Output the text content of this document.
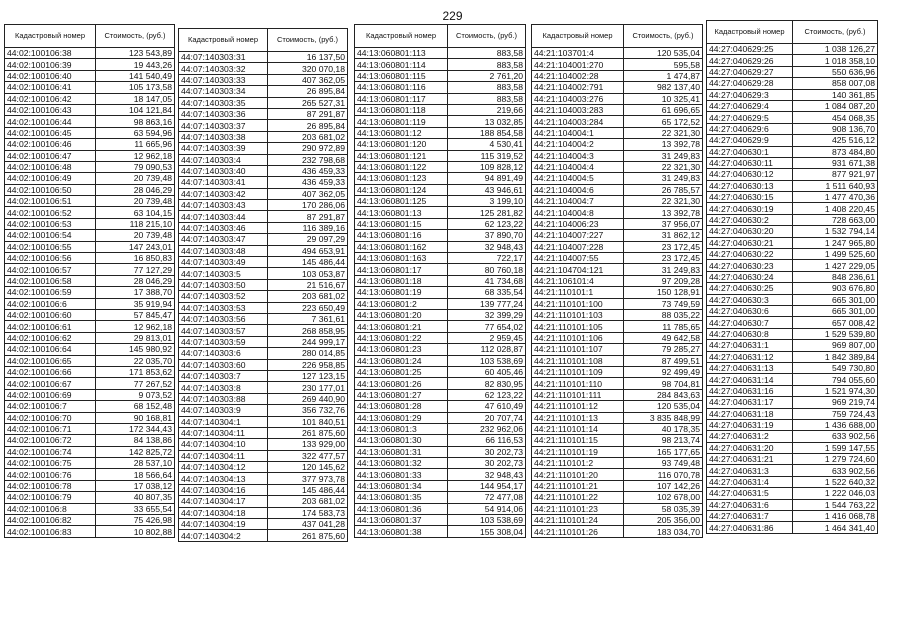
229
Кадастровый номер	Стоимость, (руб.)
44:02:100106:38	123 543,89
44:02:100106:39	19 443,26
44:02:100106:40	141 540,49
44:02:100106:41	105 173,58
44:02:100106:42	18 147,05
44:02:100106:43	104 121,84
44:02:100106:44	98 863,16
44:02:100106:45	63 594,96
44:02:100106:46	11 665,96
44:02:100106:47	12 962,18
44:02:100106:48	79 090,53
44:02:100106:49	20 739,48
44:02:100106:50	28 046,29
44:02:100106:51	20 739,48
44:02:100106:52	63 104,15
44:02:100106:53	118 215,10
44:02:100106:54	20 739,48
44:02:100106:55	147 243,01
44:02:100106:56	16 850,83
44:02:100106:57	77 127,29
44:02:100106:58	28 046,29
44:02:100106:59	17 388,70
44:02:100106:6	35 919,94
44:02:100106:60	57 845,47
44:02:100106:61	12 962,18
44:02:100106:62	29 813,01
44:02:100106:64	145 980,92
44:02:100106:65	22 035,70
44:02:100106:66	171 853,62
44:02:100106:67	77 267,52
44:02:100106:69	9 073,52
44:02:100106:7	68 152,48
44:02:100106:70	90 168,81
44:02:100106:71	172 344,43
44:02:100106:72	84 138,86
44:02:100106:74	142 825,72
44:02:100106:75	28 537,10
44:02:100106:76	18 566,64
44:02:100106:78	17 038,12
44:02:100106:79	40 807,35
44:02:100106:8	33 655,54
44:02:100106:82	75 426,98
44:02:100106:83	10 802,88
Кадастровый номер	Стоимость, (руб.)
44:07:140303:31	16 137,50
44:07:140303:32	320 070,18
44:07:140303:33	407 362,05
44:07:140303:34	26 895,84
44:07:140303:35	265 527,31
44:07:140303:36	87 291,87
44:07:140303:37	26 895,84
44:07:140303:38	203 681,02
44:07:140303:39	290 972,89
44:07:140303:4	232 798,68
44:07:140303:40	436 459,33
44:07:140303:41	436 459,33
44:07:140303:42	407 362,05
44:07:140303:43	170 286,06
44:07:140303:44	87 291,87
44:07:140303:46	116 389,16
44:07:140303:47	29 097,29
44:07:140303:48	494 653,91
44:07:140303:49	145 486,44
44:07:140303:5	103 053,87
44:07:140303:50	21 516,67
44:07:140303:52	203 681,02
44:07:140303:53	223 650,49
44:07:140303:56	7 361,61
44:07:140303:57	268 858,95
44:07:140303:59	244 999,17
44:07:140303:6	280 014,85
44:07:140303:60	226 958,85
44:07:140303:7	127 123,15
44:07:140303:8	230 177,01
44:07:140303:88	269 440,90
44:07:140303:9	356 732,76
44:07:140304:1	101 840,51
44:07:140304:11	261 875,60
44:07:140304:10	133 929,00
44:07:140304:11	322 477,57
44:07:140304:12	120 145,62
44:07:140304:13	377 973,78
44:07:140304:16	145 486,44
44:07:140304:17	203 681,02
44:07:140304:18	174 583,73
44:07:140304:19	437 041,28
44:07:140304:2	261 875,60
Кадастровый номер	Стоимость, (руб.)
44:13:060801:113	883,58
44:13:060801:114	883,58
44:13:060801:115	2 761,20
44:13:060801:116	883,58
44:13:060801:117	883,58
44:13:060801:118	219,66
44:13:060801:119	13 032,85
44:13:060801:12	188 854,58
44:13:060801:120	4 530,41
44:13:060801:121	115 319,52
44:13:060801:122	109 828,12
44:13:060801:123	94 891,49
44:13:060801:124	43 946,61
44:13:060801:125	3 199,10
44:13:060801:13	125 281,82
44:13:060801:15	62 123,22
44:13:060801:16	37 890,70
44:13:060801:162	32 948,43
44:13:060801:163	722,17
44:13:060801:17	80 760,18
44:13:060801:18	41 734,68
44:13:060801:19	68 335,54
44:13:060801:2	139 777,24
44:13:060801:20	32 399,29
44:13:060801:21	77 654,02
44:13:060801:22	2 959,45
44:13:060801:23	112 028,87
44:13:060801:24	103 538,69
44:13:060801:25	60 405,46
44:13:060801:26	82 830,95
44:13:060801:27	62 123,22
44:13:060801:28	47 610,49
44:13:060801:29	20 707,74
44:13:060801:3	232 962,06
44:13:060801:30	66 116,53
44:13:060801:31	30 202,73
44:13:060801:32	30 202,73
44:13:060801:33	32 948,43
44:13:060801:34	144 954,17
44:13:060801:35	72 477,08
44:13:060801:36	54 914,06
44:13:060801:37	103 538,69
44:13:060801:38	155 308,04
Кадастровый номер	Стоимость, (руб.)
44:21:103701:4	120 535,04
44:21:104001:270	595,58
44:21:104002:28	1 474,87
44:21:104002:791	982 137,40
44:21:104003:276	10 325,41
44:21:104003:283	61 696,65
44:21:104003:284	65 172,52
44:21:104004:1	22 321,30
44:21:104004:2	13 392,78
44:21:104004:3	31 249,83
44:21:104004:4	22 321,30
44:21:104004:5	31 249,83
44:21:104004:6	26 785,57
44:21:104004:7	22 321,30
44:21:104004:8	13 392,78
44:21:104006:23	37 956,07
44:21:104007:227	31 862,12
44:21:104007:228	23 172,45
44:21:104007:55	23 172,45
44:21:104704:121	31 249,83
44:21:106101:4	97 209,28
44:21:110101:1	150 128,91
44:21:110101:100	73 749,59
44:21:110101:103	88 035,22
44:21:110101:105	11 785,65
44:21:110101:106	49 642,58
44:21:110101:107	79 285,27
44:21:110101:108	87 499,51
44:21:110101:109	92 499,49
44:21:110101:110	98 704,81
44:21:110101:111	284 843,63
44:21:110101:12	120 535,04
44:21:110101:13	3 835 848,99
44:21:110101:14	40 178,35
44:21:110101:15	98 213,74
44:21:110101:19	165 177,65
44:21:110101:2	93 749,48
44:21:110101:20	116 070,78
44:21:110101:21	107 142,26
44:21:110101:22	102 678,00
44:21:110101:23	58 035,39
44:21:110101:24	205 356,00
44:21:110101:26	183 034,70
Кадастровый номер	Стоимость, (руб.)
44:27:040629:25	1 038 126,27
44:27:040629:26	1 018 358,10
44:27:040629:27	550 636,96
44:27:040629:28	858 007,08
44:27:040629:3	140 361,85
44:27:040629:4	1 084 087,20
44:27:040629:5	454 068,35
44:27:040629:6	908 136,70
44:27:040629:9	425 516,12
44:27:040630:1	873 484,80
44:27:040630:11	931 671,38
44:27:040630:12	877 921,97
44:27:040630:13	1 511 640,93
44:27:040630:15	1 477 470,36
44:27:040630:19	1 408 220,45
44:27:040630:2	728 663,00
44:27:040630:20	1 532 794,14
44:27:040630:21	1 247 965,80
44:27:040630:22	1 499 525,60
44:27:040630:23	1 427 229,05
44:27:040630:24	848 236,61
44:27:040630:25	903 676,80
44:27:040630:3	665 301,00
44:27:040630:6	665 301,00
44:27:040630:7	657 008,42
44:27:040630:8	1 529 539,80
44:27:040631:1	969 807,00
44:27:040631:12	1 842 389,84
44:27:040631:13	549 730,80
44:27:040631:14	794 055,60
44:27:040631:16	1 521 974,30
44:27:040631:17	969 219,74
44:27:040631:18	759 724,43
44:27:040631:19	1 436 688,00
44:27:040631:2	633 902,56
44:27:040631:20	1 599 147,55
44:27:040631:21	1 279 724,60
44:27:040631:3	633 902,56
44:27:040631:4	1 522 640,32
44:27:040631:5	1 222 046,03
44:27:040631:6	1 544 763,22
44:27:040631:7	1 416 068,78
44:27:040631:86	1 464 341,40
